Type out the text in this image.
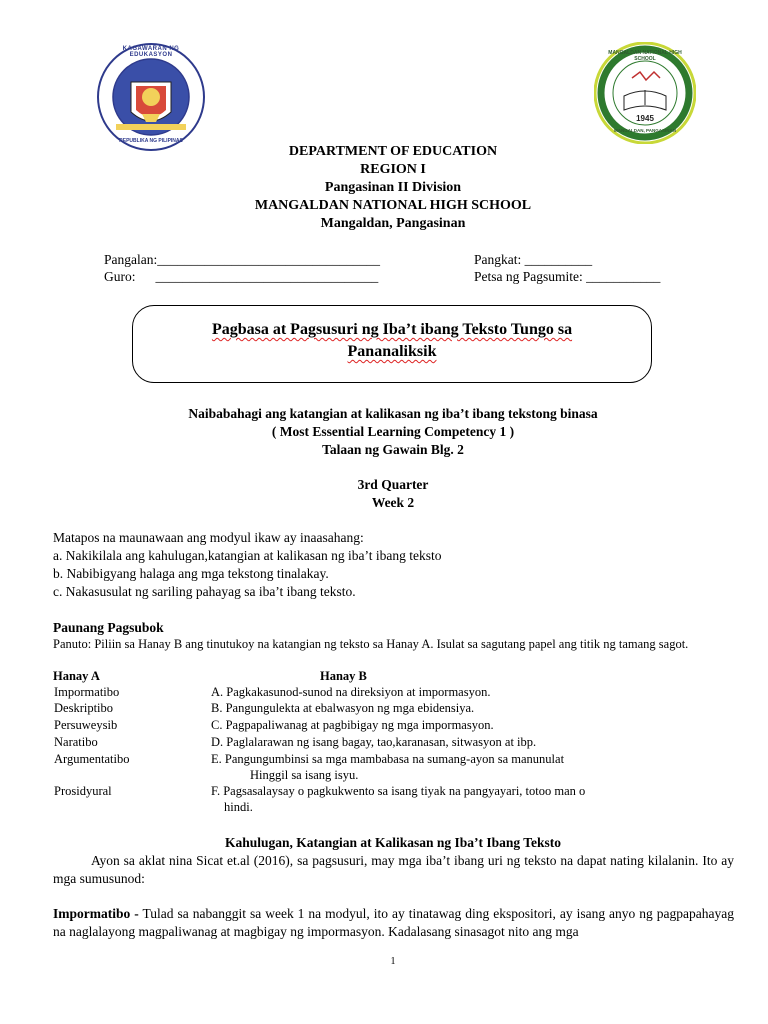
KAGAWARAN NG EDUKASYON
REPUBLIKA NG PILIPINAS
MANGALDAN NATIONAL HIGH SCHOOL
1945
MANGALDAN, PANGASINAN
DEPARTMENT OF EDUCATION
REGION I
Pangasinan II Division
MANGALDAN NATIONAL HIGH SCHOOL
Mangaldan, Pangasinan
Pangalan:_________________________________
Guro: _________________________________
Pangkat: __________
Petsa ng Pagsumite: ___________
Pagbasa at Pagsusuri ng Iba’t ibang Teksto Tungo sa
Pananaliksik
Naibabahagi ang katangian at kalikasan ng iba’t ibang tekstong binasa
( Most Essential Learning Competency 1 )
Talaan ng Gawain Blg. 2
3rd Quarter
Week 2
Matapos na maunawaan ang modyul ikaw ay inaasahang:
a. Nakikilala ang kahulugan,katangian at kalikasan ng iba’t ibang teksto
b. Nabibigyang halaga ang mga tekstong tinalakay.
c. Nakasusulat ng sariling pahayag sa iba’t ibang teksto.
Paunang Pagsubok
Panuto: Piliin sa Hanay B ang tinutukoy na katangian ng teksto sa Hanay A. Isulat sa sagutang papel ang titik ng tamang sagot.
Hanay A	Hanay B
Impormatibo
Deskriptibo
Persuweysib
Naratibo
Argumentatibo
Prosidyural
A. Pagkakasunod-sunod na direksiyon at impormasyon.
B. Pangungulekta at ebalwasyon ng mga ebidensiya.
C. Pagpapaliwanag at pagbibigay ng mga impormasyon.
D. Paglalarawan ng isang bagay, tao,karanasan, sitwasyon at ibp.
E. Pangungumbinsi sa mga mambabasa na sumang-ayon sa manunulat
Hinggil sa isang isyu.
F. Pagsasalaysay o pagkukwento sa isang tiyak na pangyayari, totoo man o
hindi.
Kahulugan, Katangian at Kalikasan ng Iba’t Ibang Teksto
Ayon sa aklat nina Sicat et.al (2016), sa pagsusuri, may mga iba’t ibang uri ng teksto na dapat nating kilalanin. Ito ay mga sumusunod:
Impormatibo - Tulad sa nabanggit sa week 1 na modyul, ito ay tinatawag ding ekspositori, ay isang anyo ng pagpapahayag na naglalayong magpaliwanag at magbigay ng impormasyon. Kadalasang sinasagot nito ang mga
1
